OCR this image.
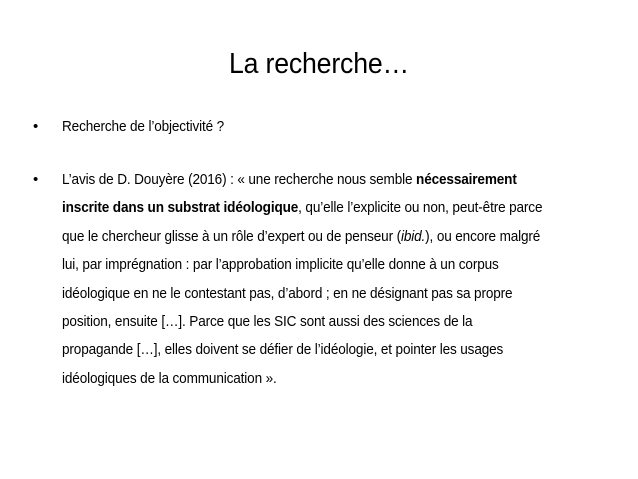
La recherche…
• Recherche de l’objectivité ?
• L’avis de D. Douyère (2016) : « une recherche nous semble nécessairement
inscrite dans un substrat idéologique, qu’elle l’explicite ou non, peut-être parce
que le chercheur glisse à un rôle d’expert ou de penseur (ibid.), ou encore malgré
lui, par imprégnation : par l’approbation implicite qu’elle donne à un corpus
idéologique en ne le contestant pas, d’abord ; en ne désignant pas sa propre
position, ensuite […]. Parce que les SIC sont aussi des sciences de la
propagande […], elles doivent se défier de l’idéologie, et pointer les usages
idéologiques de la communication ».
